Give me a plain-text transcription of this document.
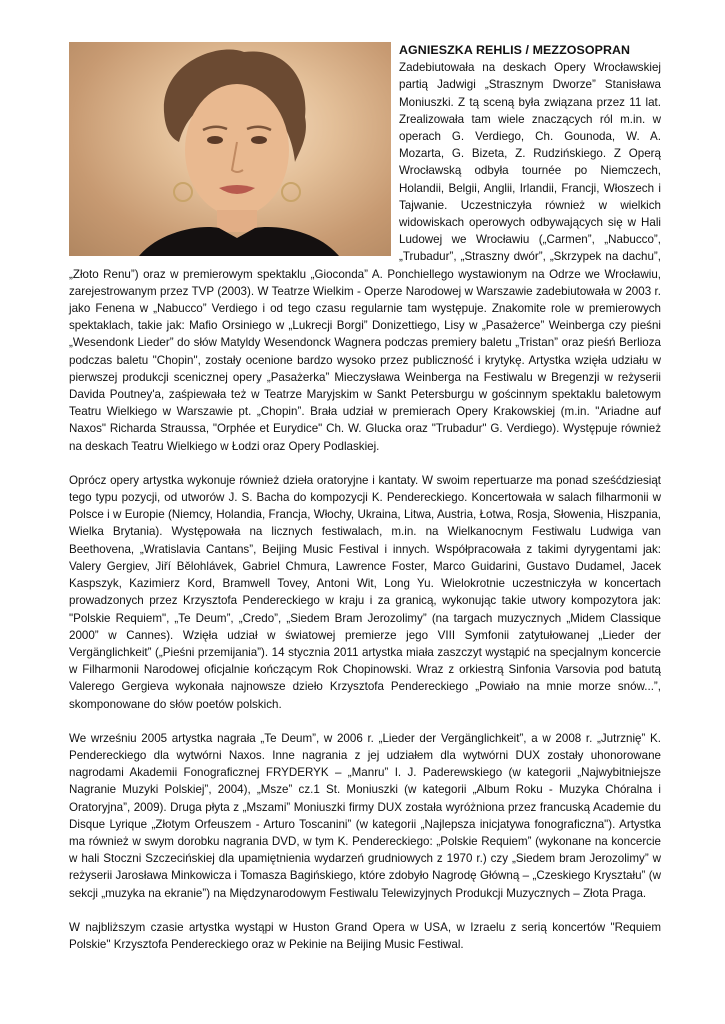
AGNIESZKA REHLIS / MEZZOSOPRAN

Zadebiutowała na deskach Opery Wrocławskiej partią Jadwigi „Strasznym Dworze” Stanisława Moniuszki. Z tą sceną była związana przez 11 lat. Zrealizowała tam wiele znaczących ról m.in. w operach G. Verdiego, Ch. Gounoda, W. A. Mozarta, G. Bizeta, Z. Rudzińskiego. Z Operą Wrocławską odbyła tournée po Niemczech, Holandii, Belgii, Anglii, Irlandii, Francji, Włoszech i Tajwanie. Uczestniczyła również w wielkich widowiskach operowych odbywających się w Hali Ludowej we Wrocławiu („Carmen”, „Nabucco”, „Trubadur”, „Straszny dwór”, „Skrzypek na dachu”, „Złoto Renu”) oraz w premierowym spektaklu „Gioconda” A. Ponchiellego wystawionym na Odrze we Wrocławiu, zarejestrowanym przez TVP (2003). W Teatrze Wielkim - Operze Narodowej w Warszawie zadebiutowała w 2003 r. jako Fenena w „Nabucco” Verdiego i od tego czasu regularnie tam występuje. Znakomite role w premierowych spektaklach, takie jak: Mafio Orsiniego w „Lukrecji Borgi” Donizettiego, Lisy w „Pasażerce” Weinberga czy pieśni „Wesendonk Lieder” do słów Matyldy Wesendonck Wagnera podczas premiery baletu „Tristan” oraz pieśń Berlioza podczas baletu "Chopin", zostały ocenione bardzo wysoko przez publiczność i krytykę. Artystka wzięła udziału w pierwszej produkcji scenicznej opery „Pasażerka” Mieczysława Weinberga na Festiwalu w Bregenzji w reżyserii Davida Poutney'a, zaśpiewała też w Teatrze Maryjskim w Sankt Petersburgu w gościnnym spektaklu baletowym Teatru Wielkiego w Warszawie pt. „Chopin”. Brała udział w premierach Opery Krakowskiej (m.in. "Ariadne auf Naxos" Richarda Straussa, "Orphée et Eurydice" Ch. W. Glucka oraz "Trubadur" G. Verdiego). Występuje również na deskach Teatru Wielkiego w Łodzi oraz Opery Podlaskiej.

Oprócz opery artystka wykonuje również dzieła oratoryjne i kantaty. W swoim repertuarze ma ponad sześćdziesiąt tego typu pozycji, od utworów J. S. Bacha do kompozycji K. Pendereckiego. Koncertowała w salach filharmonii w Polsce i w Europie (Niemcy, Holandia, Francja, Włochy, Ukraina, Litwa, Austria, Łotwa, Rosja, Słowenia, Hiszpania, Wielka Brytania). Występowała na licznych festiwalach, m.in. na Wielkanocnym Festiwalu Ludwiga van Beethovena, „Wratislavia Cantans”, Beijing Music Festival i innych. Współpracowała z takimi dyrygentami jak: Valery Gergiev, Jiří Bělohlávek, Gabriel Chmura, Lawrence Foster, Marco Guidarini, Gustavo Dudamel, Jacek Kaspszyk, Kazimierz Kord, Bramwell Tovey, Antoni Wit, Long Yu. Wielokrotnie uczestniczyła w koncertach prowadzonych przez Krzysztofa Pendereckiego w kraju i za granicą, wykonując takie utwory kompozytora jak: "Polskie Requiem", „Te Deum”, „Credo”, „Siedem Bram Jerozolimy” (na targach muzycznych „Midem Classique 2000” w Cannes). Wzięła udział w światowej premierze jego VIII Symfonii zatytułowanej „Lieder der Vergänglichkeit” („Pieśni przemijania”). 14 stycznia 2011 artystka miała zaszczyt wystąpić na specjalnym koncercie w Filharmonii Narodowej oficjalnie kończącym Rok Chopinowski. Wraz z orkiestrą Sinfonia Varsovia pod batutą Valerego Gergieva wykonała najnowsze dzieło Krzysztofa Pendereckiego „Powiało na mnie morze snów...”, skomponowane do słów poetów polskich.

We wrześniu 2005 artystka nagrała „Te Deum”, w 2006 r. „Lieder der Vergänglichkeit”, a w 2008 r. „Jutrznię” K. Pendereckiego dla wytwórni Naxos. Inne nagrania z jej udziałem dla wytwórni DUX zostały uhonorowane nagrodami Akademii Fonograficznej FRYDERYK – „Manru” I. J. Paderewskiego (w kategorii „Najwybitniejsze Nagranie Muzyki Polskiej”, 2004), „Msze” cz.1 St. Moniuszki (w kategorii „Album Roku - Muzyka Chóralna i Oratoryjna”, 2009). Druga płyta z „Mszami” Moniuszki firmy DUX została wyróżniona przez francuską Academie du Disque Lyrique „Złotym Orfeuszem - Arturo Toscanini” (w kategorii „Najlepsza inicjatywa fonograficzna"). Artystka ma również w swym dorobku nagrania DVD, w tym K. Pendereckiego: „Polskie Requiem” (wykonane na koncercie w hali Stoczni Szczecińskiej dla upamiętnienia wydarzeń grudniowych z 1970 r.) czy „Siedem bram Jerozolimy” w reżyserii Jarosława Minkowicza i Tomasza Bagińskiego, które zdobyło Nagrodę Główną – „Czeskiego Kryształu” (w sekcji „muzyka na ekranie”) na Międzynarodowym Festiwalu Telewizyjnych Produkcji Muzycznych – Złota Praga.

W najbliższym czasie artystka wystąpi w Huston Grand Opera w USA, w Izraelu z serią koncertów "Requiem Polskie" Krzysztofa Pendereckiego oraz w Pekinie na Beijing Music Festiwal.
